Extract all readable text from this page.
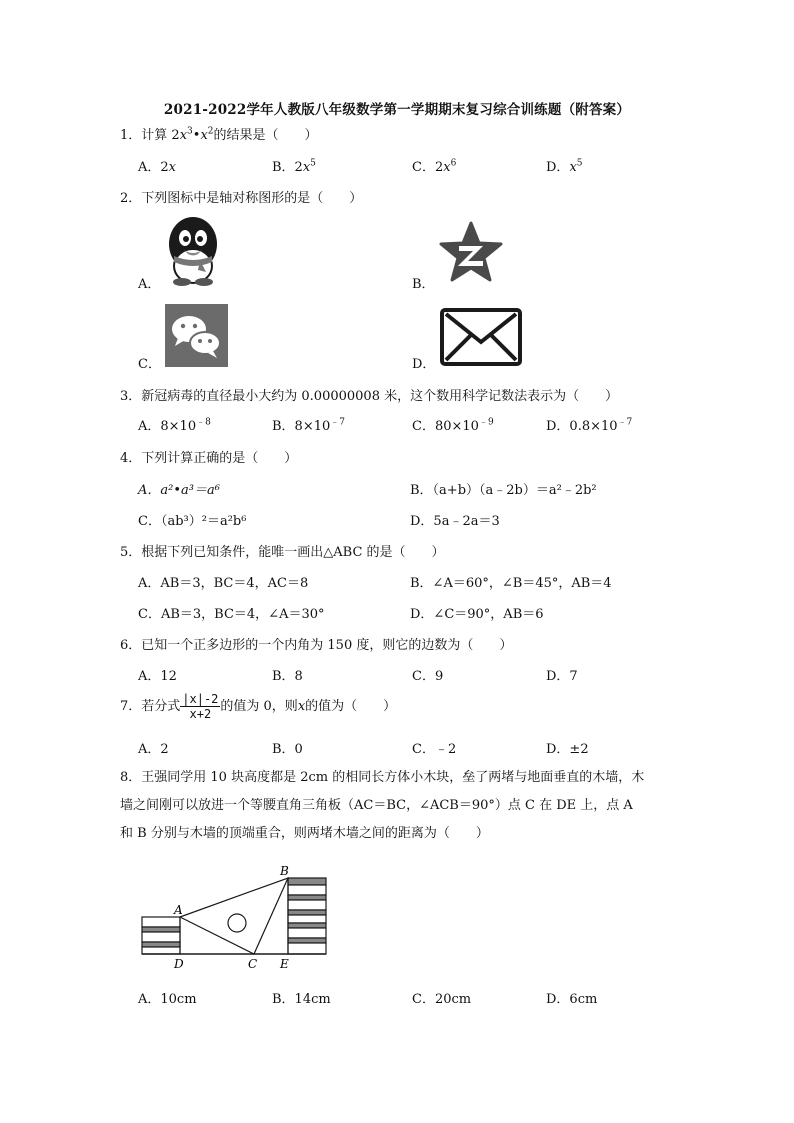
2021-2022学年人教版八年级数学第一学期期末复习综合训练题（附答案）
1．计算 $2x^3•x^2$的结果是（　　）
A．2x	B．$2x^5$	C．$2x^6$	D．$x^5$
2．下列图标中是轴对称图形的是（　　）
A．	B．
C．	D．
3．新冠病毒的直径最小大约为 0.00000008 米，这个数用科学记数法表示为（　　）
A．$8\times 10^{﹣8}$	B．$8\times 10^{﹣7}$	C．$80\times 10^{﹣9}$	D．$0.8\times 10^{﹣7}$
4．下列计算正确的是（　　）
A．a²•a³＝a⁶	B．（a+b）（a﹣2b）＝a²﹣2b²
C．（ab³）²＝a²b⁶	D．5a﹣2a＝3
5．根据下列已知条件，能唯一画出△ABC 的是（　　）
A．AB＝3，BC＝4，AC＝8	B．∠A＝60°，∠B＝45°，AB＝4
C．AB＝3，BC＝4，∠A＝30°	D．∠C＝90°，AB＝6
6．已知一个正多边形的一个内角为 150 度，则它的边数为（　　）
A．12	B．8	C．9	D．7
7．若分式 $\frac{|x|-2}{x+2}$ 的值为 0，则x的值为（　　）
A．2	B．0	C．﹣2	D．±2
8．王强同学用 10 块高度都是 2cm 的相同长方体小木块，垒了两堵与地面垂直的木墙，木
墙之间刚可以放进一个等腰直角三角板（AC＝BC，∠ACB＝90°）点 C 在 DE 上，点 A
和 B 分别与木墙的顶端重合，则两堵木墙之间的距离为（　　）
A
B
C
D	E
A．10cm	B．14cm	C．20cm	D．6cm
